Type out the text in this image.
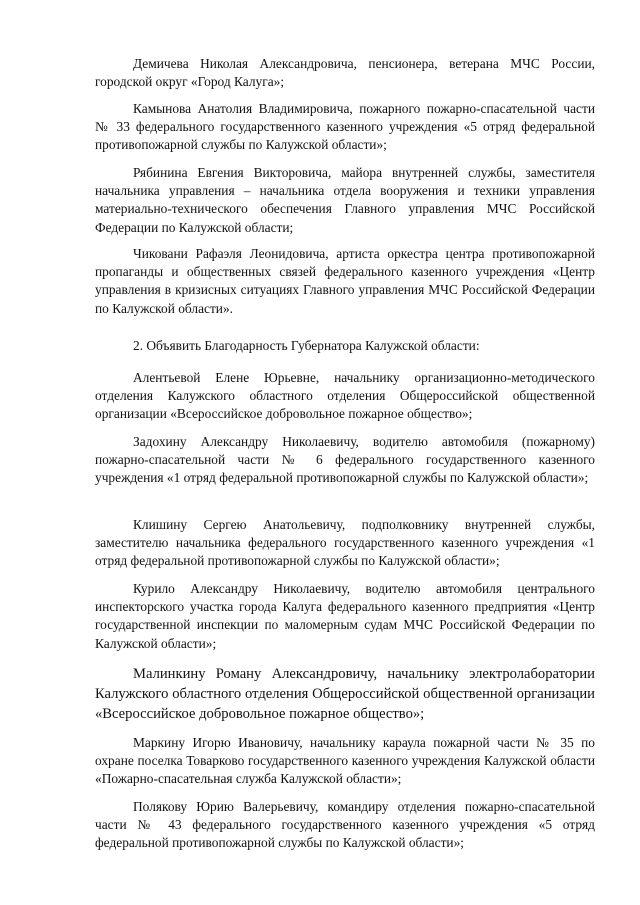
Демичева Николая Александровича, пенсионера, ветерана МЧС России, городской округ «Город Калуга»;

Камынова Анатолия Владимировича, пожарного пожарно-спасательной части № 33 федерального государственного казенного учреждения «5 отряд федеральной противопожарной службы по Калужской области»;

Рябинина Евгения Викторовича, майора внутренней службы, заместителя начальника управления – начальника отдела вооружения и техники управления материально-технического обеспечения Главного управления МЧС Российской Федерации по Калужской области;

Чиковани Рафаэля Леонидовича, артиста оркестра центра противопожарной пропаганды и общественных связей федерального казенного учреждения «Центр управления в кризисных ситуациях Главного управления МЧС Российской Федерации по Калужской области».

2. Объявить Благодарность Губернатора Калужской области:

Алентьевой Елене Юрьевне, начальнику организационно-методического отделения Калужского областного отделения Общероссийской общественной организации «Всероссийское добровольное пожарное общество»;

Задохину Александру Николаевичу, водителю автомобиля (пожарному) пожарно-спасательной части № 6 федерального государственного казенного учреждения «1 отряд федеральной противопожарной службы по Калужской области»;

Клишину Сергею Анатольевичу, подполковнику внутренней службы, заместителю начальника федерального государственного казенного учреждения «1 отряд федеральной противопожарной службы по Калужской области»;

Курило Александру Николаевичу, водителю автомобиля центрального инспекторского участка города Калуга федерального казенного предприятия «Центр государственной инспекции по маломерным судам МЧС Российской Федерации по Калужской области»;

Малинкину Роману Александровичу, начальнику электролаборатории Калужского областного отделения Общероссийской общественной организации «Всероссийское добровольное пожарное общество»;

Маркину Игорю Ивановичу, начальнику караула пожарной части № 35 по охране поселка Товарково государственного казенного учреждения Калужской области «Пожарно-спасательная служба Калужской области»;

Полякову Юрию Валерьевичу, командиру отделения пожарно-спасательной части № 43 федерального государственного казенного учреждения «5 отряд федеральной противопожарной службы по Калужской области»;
